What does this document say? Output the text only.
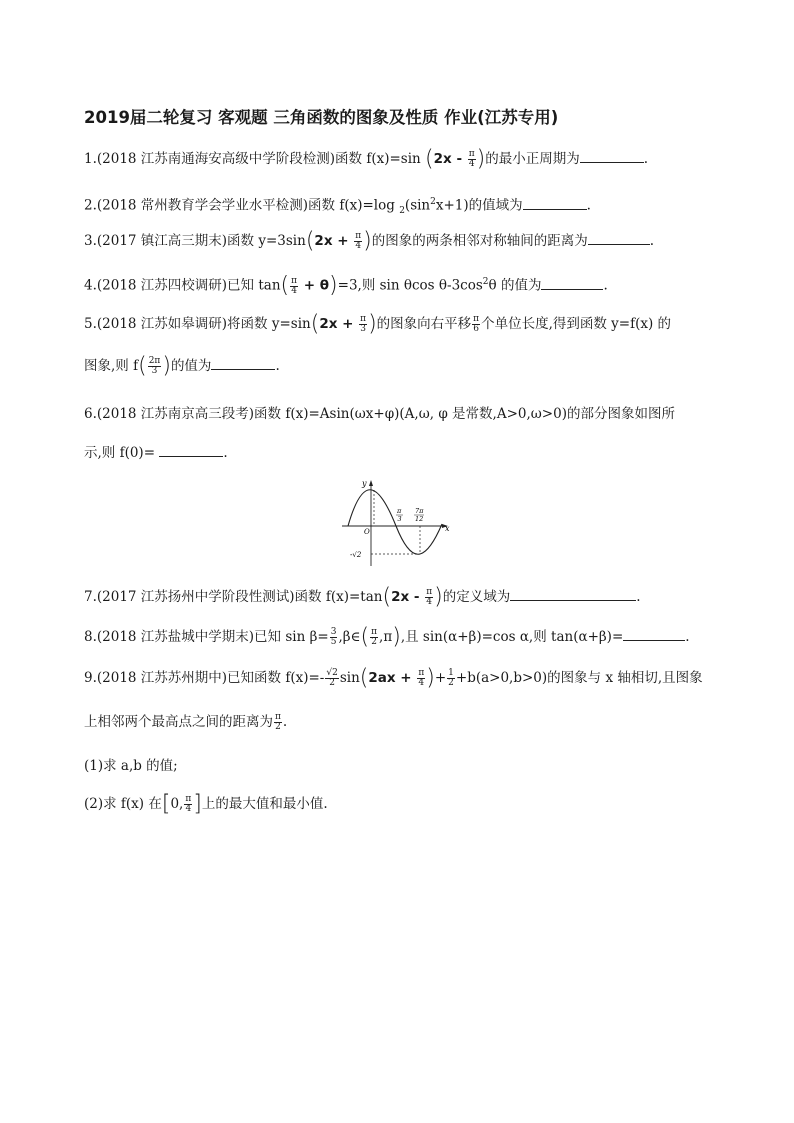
2019届二轮复习 客观题 三角函数的图象及性质 作业(江苏专用)
1.(2018 江苏南通海安高级中学阶段检测)函数 f(x)=sin ($2x - \frac{\pi}{4}$ )的最小正周期为	.
2.(2018 常州教育学会学业水平检测)函数 f(x)=log $_2(\sin^2x+1)$的值域为	.
3.(2017 镇江高三期末)函数 $y=3\sin(2x + \frac{\pi}{4}$ )的图象的两条相邻对称轴间的距离为	.
4.(2018 江苏四校调研)已知 $\tan( \frac{\pi}{4} + \theta)=3$,则 sin θcos $\theta-3\cos^2\theta$ 的值为	.
5.(2018 江苏如皋调研)将函数 $y=\sin(2x + \frac{\pi}{3}$ )的图象向右平移 $\frac{\pi}{6}$ 个单位长度,得到函数 y=f(x) 的
图象,则 $f( \frac{2\pi}{3}$ )的值为	.
6.(2018 江苏南京高三段考)函数 f(x)=Asin(ωx+φ)(A,ω, φ 是常数,A>0,ω>0)的部分图象如图所
示,则 f(0)=	.
y
x
O
π
3
7π
12
-√2
7.(2017 江苏扬州中学阶段性测试)函数 $f(x)=\tan(2x - \frac{\pi}{4}$ )的定义域为	.
8.(2018 江苏盐城中学期末)已知 $\sin \beta= \frac{3}{5}$ ,β∈( $\frac{\pi}{2} ,\pi$),且 sin(α+β)=cos α,则 tan(α+β)=	.
9.(2018 江苏苏州期中)已知函数 $f(x)=- \frac{√2}{2} \sin(2ax + \frac{\pi}{4}$ )+ $\frac{1}{2} +b(a>0,b>0)$的图象与 x 轴相切,且图象
上相邻两个最高点之间的距离为 $\frac{\pi}{2}$ .
(1)求 a,b 的值;
(2)求 f(x) 在[0, $\frac{\pi}{4}$ ]上的最大值和最小值.
